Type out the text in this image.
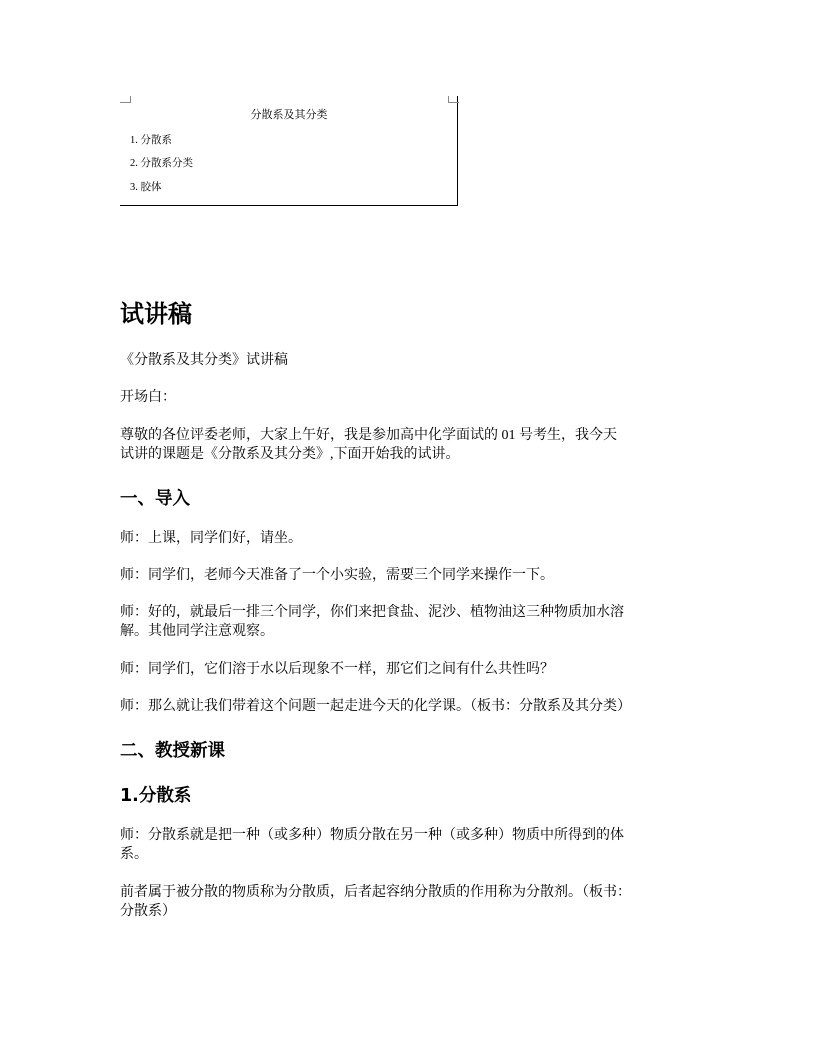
分散系及其分类
1. 分散系
2. 分散系分类
3. 胶体
试讲稿
《分散系及其分类》试讲稿
开场白：
尊敬的各位评委老师，大家上午好，我是参加高中化学面试的 01 号考生，我今天
试讲的课题是《分散系及其分类》,下面开始我的试讲。
一、导入
师：上课，同学们好，请坐。
师：同学们，老师今天准备了一个小实验，需要三个同学来操作一下。
师：好的，就最后一排三个同学，你们来把食盐、泥沙、植物油这三种物质加水溶
解。其他同学注意观察。
师：同学们，它们溶于水以后现象不一样，那它们之间有什么共性吗？
师：那么就让我们带着这个问题一起走进今天的化学课。（板书：分散系及其分类）
二、教授新课
1.分散系
师：分散系就是把一种（或多种）物质分散在另一种（或多种）物质中所得到的体
系。
前者属于被分散的物质称为分散质，后者起容纳分散质的作用称为分散剂。（板书：
分散系）
